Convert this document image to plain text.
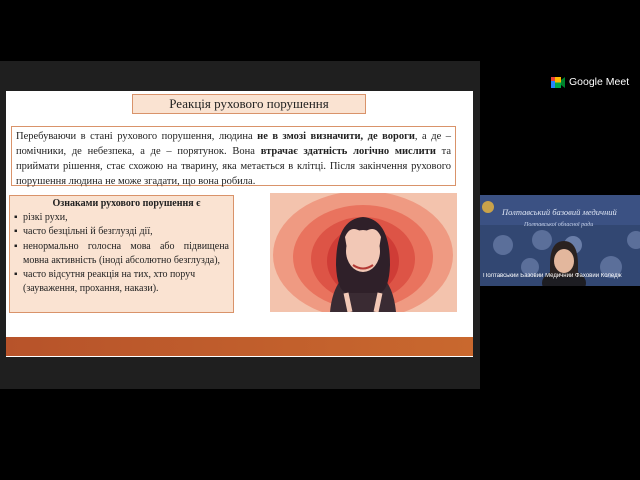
Реакція рухового порушення
Перебуваючи в стані рухового порушення, людина не в змозі визначити, де вороги, а де – помічники, де небезпека, а де – порятунок. Вона втрачає здатність логічно мислити та приймати рішення, стає схожою на тварину, яка метається в клітці. Після закінчення рухового порушення людина не може згадати, що вона робила.
Ознаками рухового порушення є
▪ різкі рухи,
▪ часто безцільні й безглузді дії,
▪ ненормально голосна мова або підвищена мовна активність (іноді абсолютно безглузда),
▪ часто відсутня реакція на тих, хто поруч (зауваження, прохання, накази).
Google Meet
Полтавський базовий медичний
Полтавської обласної ради
Полтавський Базовий Медичний Фаховий Коледж
